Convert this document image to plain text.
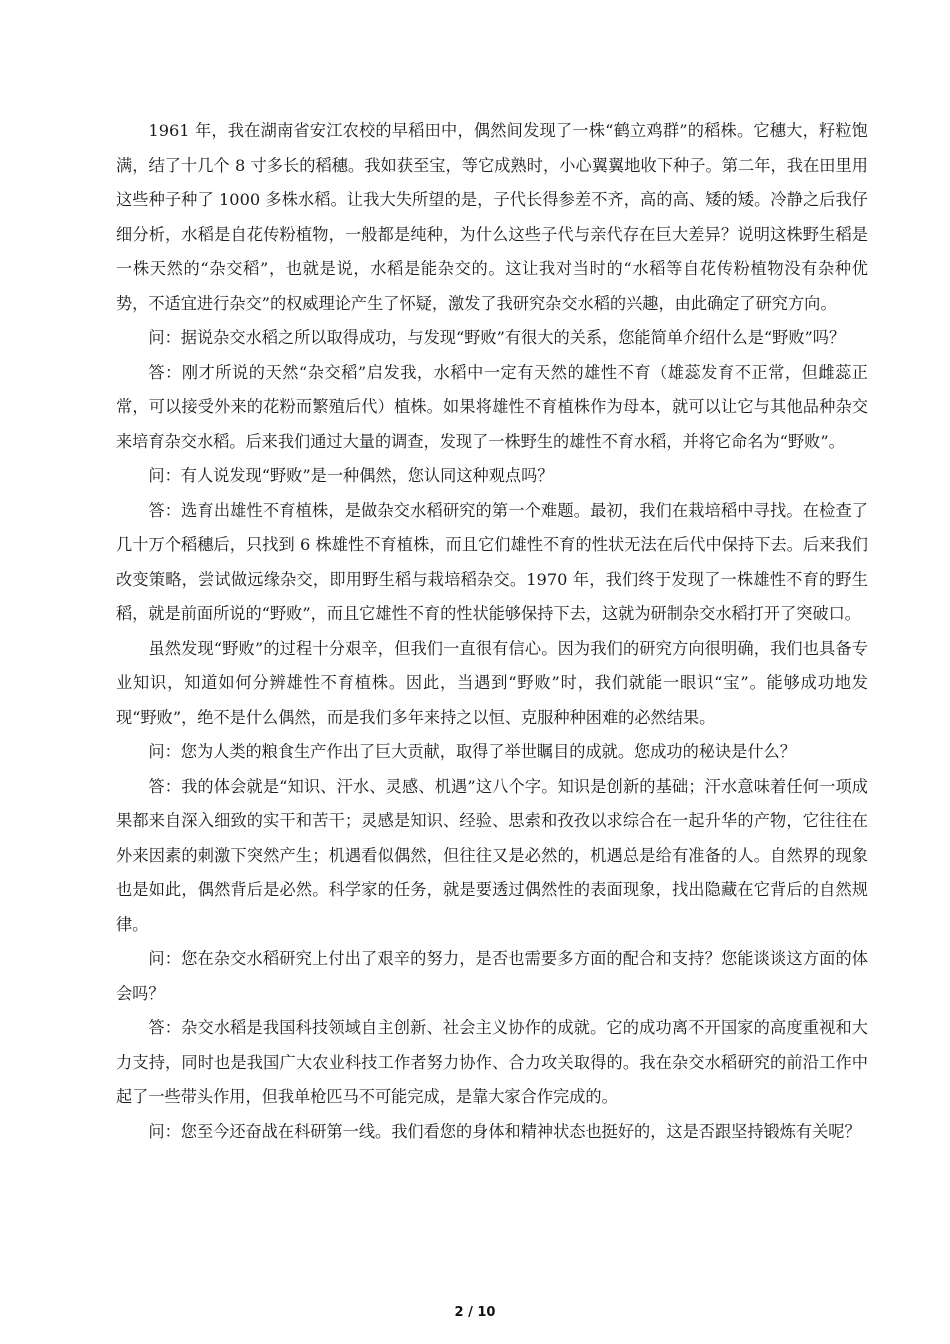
1961 年，我在湖南省安江农校的早稻田中，偶然间发现了一株“鹤立鸡群”的稻株。它穗大，籽粒饱满，结了十几个 8 寸多长的稻穗。我如获至宝，等它成熟时，小心翼翼地收下种子。第二年，我在田里用这些种子种了 1000 多株水稻。让我大失所望的是，子代长得参差不齐，高的高、矮的矮。冷静之后我仔细分析，水稻是自花传粉植物，一般都是纯种，为什么这些子代与亲代存在巨大差异？说明这株野生稻是一株天然的“杂交稻”，也就是说，水稻是能杂交的。这让我对当时的“水稻等自花传粉植物没有杂种优势，不适宜进行杂交”的权威理论产生了怀疑，激发了我研究杂交水稻的兴趣，由此确定了研究方向。

问：据说杂交水稻之所以取得成功，与发现“野败”有很大的关系，您能简单介绍什么是“野败”吗？

答：刚才所说的天然“杂交稻”启发我，水稻中一定有天然的雄性不育（雄蕊发育不正常，但雌蕊正常，可以接受外来的花粉而繁殖后代）植株。如果将雄性不育植株作为母本，就可以让它与其他品种杂交来培育杂交水稻。后来我们通过大量的调查，发现了一株野生的雄性不育水稻，并将它命名为“野败”。

问：有人说发现“野败”是一种偶然，您认同这种观点吗？

答：选育出雄性不育植株，是做杂交水稻研究的第一个难题。最初，我们在栽培稻中寻找。在检查了几十万个稻穗后，只找到 6 株雄性不育植株，而且它们雄性不育的性状无法在后代中保持下去。后来我们改变策略，尝试做远缘杂交，即用野生稻与栽培稻杂交。1970 年，我们终于发现了一株雄性不育的野生稻，就是前面所说的“野败”，而且它雄性不育的性状能够保持下去，这就为研制杂交水稻打开了突破口。

虽然发现“野败”的过程十分艰辛，但我们一直很有信心。因为我们的研究方向很明确，我们也具备专业知识，知道如何分辨雄性不育植株。因此，当遇到“野败”时，我们就能一眼识“宝”。能够成功地发现“野败”，绝不是什么偶然，而是我们多年来持之以恒、克服种种困难的必然结果。

问：您为人类的粮食生产作出了巨大贡献，取得了举世瞩目的成就。您成功的秘诀是什么？

答：我的体会就是“知识、汗水、灵感、机遇”这八个字。知识是创新的基础；汗水意味着任何一项成果都来自深入细致的实干和苦干；灵感是知识、经验、思索和孜孜以求综合在一起升华的产物，它往往在外来因素的刺激下突然产生；机遇看似偶然，但往往又是必然的，机遇总是给有准备的人。自然界的现象也是如此，偶然背后是必然。科学家的任务，就是要透过偶然性的表面现象，找出隐藏在它背后的自然规律。

问：您在杂交水稻研究上付出了艰辛的努力，是否也需要多方面的配合和支持？您能谈谈这方面的体会吗？

答：杂交水稻是我国科技领域自主创新、社会主义协作的成就。它的成功离不开国家的高度重视和大力支持，同时也是我国广大农业科技工作者努力协作、合力攻关取得的。我在杂交水稻研究的前沿工作中起了一些带头作用，但我单枪匹马不可能完成，是靠大家合作完成的。

问：您至今还奋战在科研第一线。我们看您的身体和精神状态也挺好的，这是否跟坚持锻炼有关呢？

2 / 10
